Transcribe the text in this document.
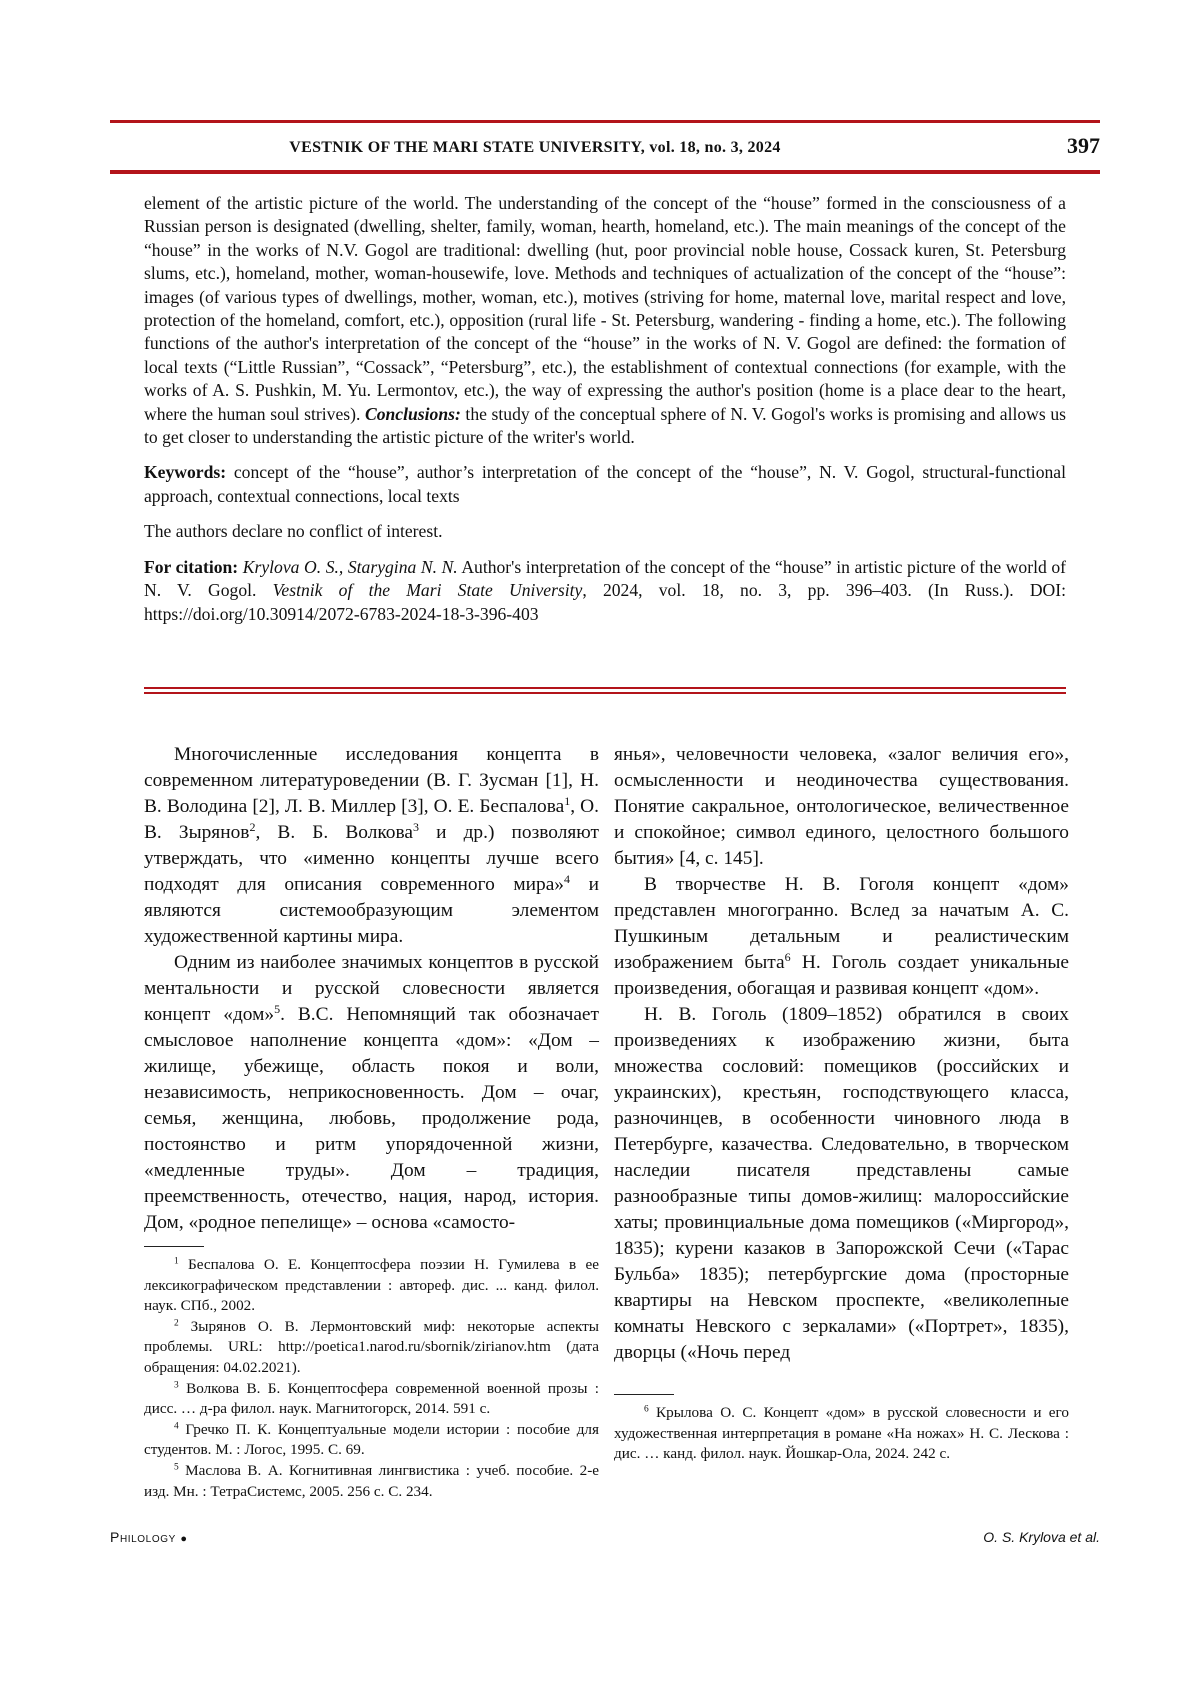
VESTNIK OF THE MARI STATE UNIVERSITY, vol. 18, no. 3, 2024	397

element of the artistic picture of the world. The understanding of the concept of the “house” formed in the consciousness of a Russian person is designated (dwelling, shelter, family, woman, hearth, homeland, etc.). The main meanings of the concept of the “house” in the works of N.V. Gogol are traditional: dwelling (hut, poor provincial noble house, Cossack kuren, St. Petersburg slums, etc.), homeland, mother, woman-housewife, love. Methods and techniques of actualization of the concept of the “house”: images (of various types of dwellings, mother, woman, etc.), motives (striving for home, maternal love, marital respect and love, protection of the homeland, comfort, etc.), opposition (rural life - St. Petersburg, wandering - finding a home, etc.). The following functions of the author's interpretation of the concept of the “house” in the works of N. V. Gogol are defined: the formation of local texts (“Little Russian”, “Cossack”, “Petersburg”, etc.), the establishment of contextual connections (for example, with the works of A. S. Pushkin, M. Yu. Lermontov, etc.), the way of expressing the author's position (home is a place dear to the heart, where the human soul strives). Conclusions: the study of the conceptual sphere of N. V. Gogol's works is promising and allows us to get closer to understanding the artistic picture of the writer's world.

Keywords: concept of the “house”, author’s interpretation of the concept of the “house”, N. V. Gogol, structural-functional approach, contextual connections, local texts

The authors declare no conflict of interest.

For citation: Krylova O. S., Starygina N. N. Author's interpretation of the concept of the “house” in artistic picture of the world of N. V. Gogol. Vestnik of the Mari State University, 2024, vol. 18, no. 3, pp. 396–403. (In Russ.). DOI: https://doi.org/10.30914/2072-6783-2024-18-3-396-403

Многочисленные исследования концепта в современном литературоведении (В. Г. Зусман [1], Н. В. Володина [2], Л. В. Миллер [3], О. Е. Беспалова$^1$, О. В. Зырянов$^2$, В. Б. Волкова$^3$ и др.) позволяют утверждать, что «именно концепты лучше всего подходят для описания современного мира»$^4$ и являются системообразующим элементом художественной картины мира.

Одним из наиболее значимых концептов в русской ментальности и русской словесности является концепт «дом»$^5$. В.С. Непомнящий так обозначает смысловое наполнение концепта «дом»: «Дом – жилище, убежище, область покоя и воли, независимость, неприкосновенность. Дом – очаг, семья, женщина, любовь, продолжение рода, постоянство и ритм упорядоченной жизни, «медленные труды». Дом – традиция, преемственность, отечество, нация, народ, история. Дом, «родное пепелище» – основа «самосто-

$^1$ Беспалова О. Е. Концептосфера поэзии Н. Гумилева в ее лексикографическом представлении : автореф. дис. ... канд. филол. наук. СПб., 2002.

$^2$ Зырянов О. В. Лермонтовский миф: некоторые аспекты проблемы. URL: http://poetica1.narod.ru/sbornik/zirianov.htm (дата обращения: 04.02.2021).

$^3$ Волкова В. Б. Концептосфера современной военной прозы : дисс. … д-ра филол. наук. Магнитогорск, 2014. 591 с.

$^4$ Гречко П. К. Концептуальные модели истории : пособие для студентов. М. : Логос, 1995. С. 69.

$^5$ Маслова В. А. Когнитивная лингвистика : учеб. пособие. 2-е изд. Мн. : ТетраСистемс, 2005. 256 с. С. 234.

янья», человечности человека, «залог величия его», осмысленности и неодиночества существования. Понятие сакральное, онтологическое, величественное и спокойное; символ единого, целостного большого бытия» [4, с. 145].

В творчестве Н. В. Гоголя концепт «дом» представлен многогранно. Вслед за начатым А. С. Пушкиным детальным и реалистическим изображением быта$^6$ Н. Гоголь создает уникальные произведения, обогащая и развивая концепт «дом».

Н. В. Гоголь (1809–1852) обратился в своих произведениях к изображению жизни, быта множества сословий: помещиков (российских и украинских), крестьян, господствующего класса, разночинцев, в особенности чиновного люда в Петербурге, казачества. Следовательно, в творческом наследии писателя представлены самые разнообразные типы домов-жилищ: малороссийские хаты; провинциальные дома помещиков («Миргород», 1835); курени казаков в Запорожской Сечи («Тарас Бульба» 1835); петербургские дома (просторные квартиры на Невском проспекте, «великолепные комнаты Невского с зеркалами» («Портрет», 1835), дворцы («Ночь перед

$^6$ Крылова О. С. Концепт «дом» в русской словесности и его художественная интерпретация в романе «На ножах» Н. С. Лескова : дис. … канд. филол. наук. Йошкар-Ола, 2024. 242 с.

Philology ●	O. S. Krylova et al.
